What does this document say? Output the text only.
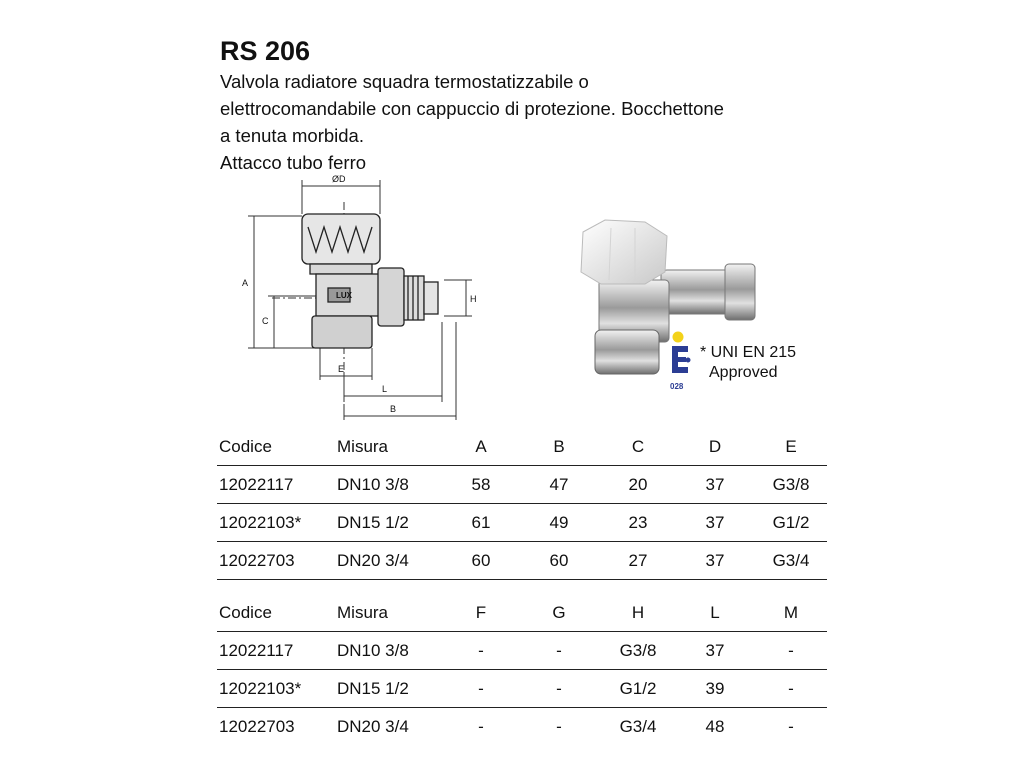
RS 206
Valvola radiatore squadra termostatizzabile o
elettrocomandabile con cappuccio di protezione. Bocchettone
a tenuta morbida.
Attacco tubo ferro
LUX
ØD
A
C
H
E
L
B
028
* UNI EN 215
Approved
Codice	Misura	A	B	C	D	E
12022117	DN10 3/8	58	47	20	37	G3/8
12022103*	DN15 1/2	61	49	23	37	G1/2
12022703	DN20 3/4	60	60	27	37	G3/4
Codice	Misura	F	G	H	L	M
12022117	DN10 3/8	-	-	G3/8	37	-
12022103*	DN15 1/2	-	-	G1/2	39	-
12022703	DN20 3/4	-	-	G3/4	48	-
